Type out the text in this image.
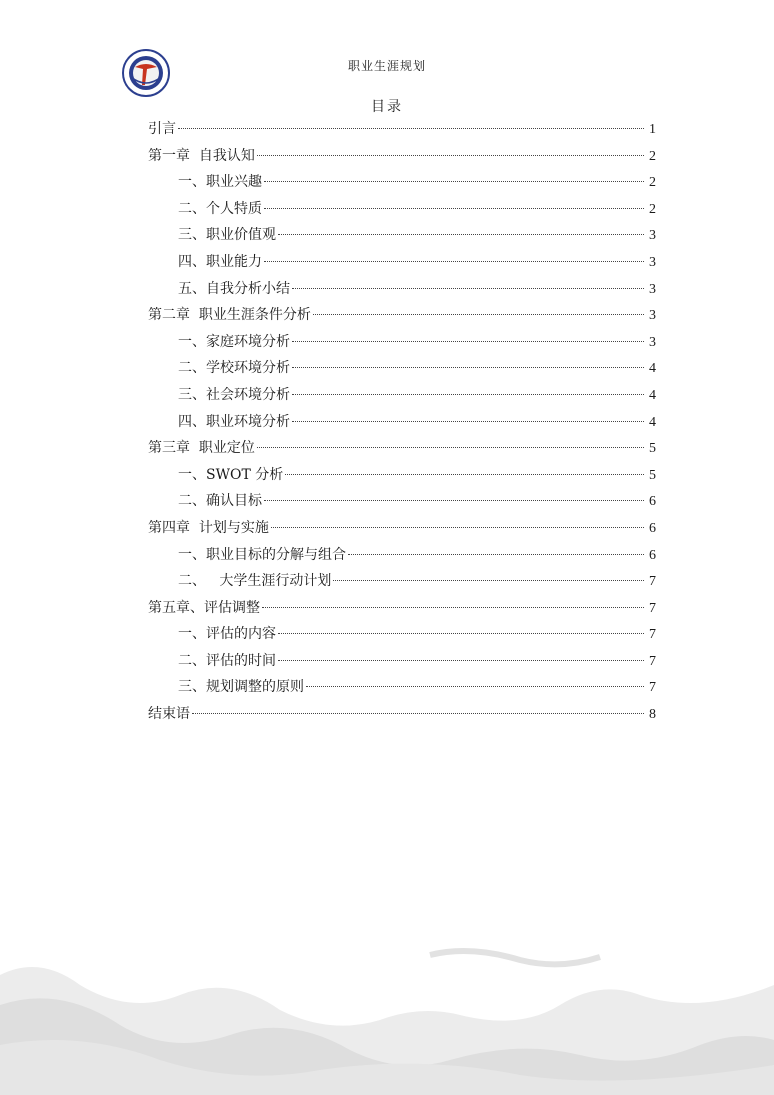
职业生涯规划
目录
引言	1
第一章  自我认知	2
一、职业兴趣	2
二、个人特质	2
三、职业价值观	3
四、职业能力	3
五、自我分析小结	3
第二章  职业生涯条件分析	3
一、家庭环境分析	3
二、学校环境分析	4
三、社会环境分析	4
四、职业环境分析	4
第三章  职业定位	5
一、SWOT 分析	5
二、确认目标	6
第四章  计划与实施	6
一、职业目标的分解与组合	6
二、   大学生涯行动计划	7
第五章、评估调整	7
一、评估的内容	7
二、评估的时间	7
三、规划调整的原则	7
结束语	8
